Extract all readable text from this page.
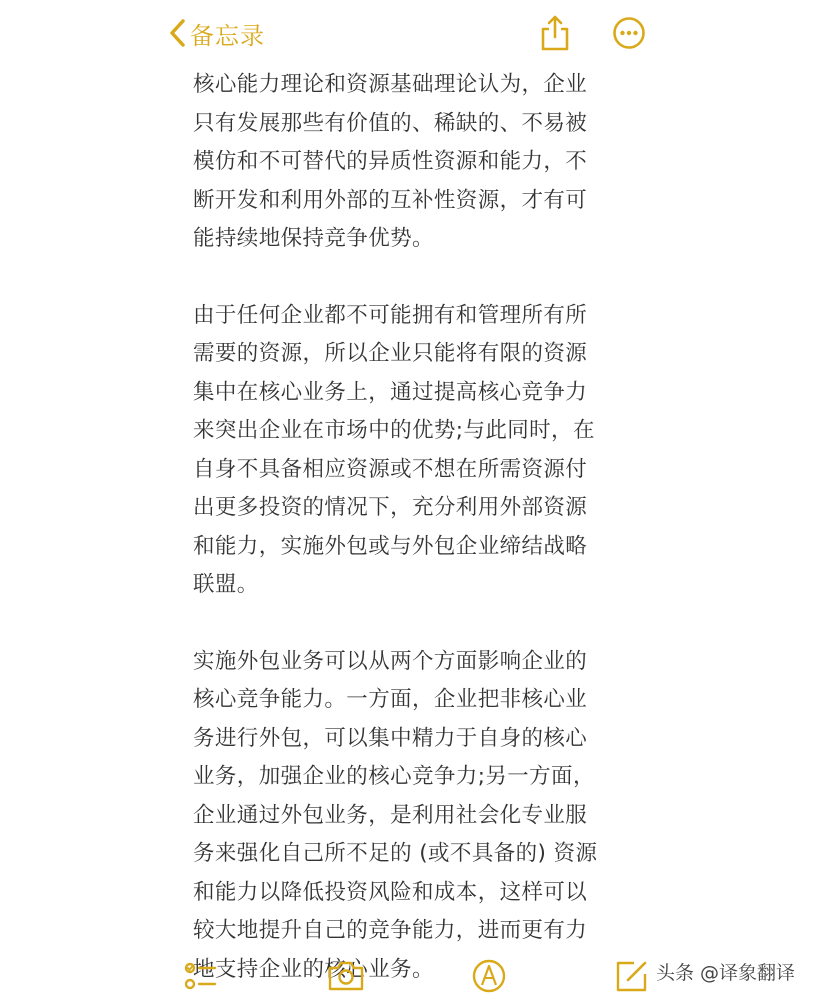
备忘录

核心能力理论和资源基础理论认为，企业
只有发展那些有价值的、稀缺的、不易被
模仿和不可替代的异质性资源和能力，不
断开发和利用外部的互补性资源，才有可
能持续地保持竞争优势。

由于任何企业都不可能拥有和管理所有所
需要的资源，所以企业只能将有限的资源
集中在核心业务上，通过提高核心竞争力
来突出企业在市场中的优势;与此同时，在
自身不具备相应资源或不想在所需资源付
出更多投资的情况下，充分利用外部资源
和能力，实施外包或与外包企业缔结战略
联盟。

实施外包业务可以从两个方面影响企业的
核心竞争能力。一方面，企业把非核心业
务进行外包，可以集中精力于自身的核心
业务，加强企业的核心竞争力;另一方面，
企业通过外包业务，是利用社会化专业服
务来强化自己所不足的 (或不具备的) 资源
和能力以降低投资风险和成本，这样可以
较大地提升自己的竞争能力，进而更有力
地支持企业的核心业务。	头条 @译象翻译
